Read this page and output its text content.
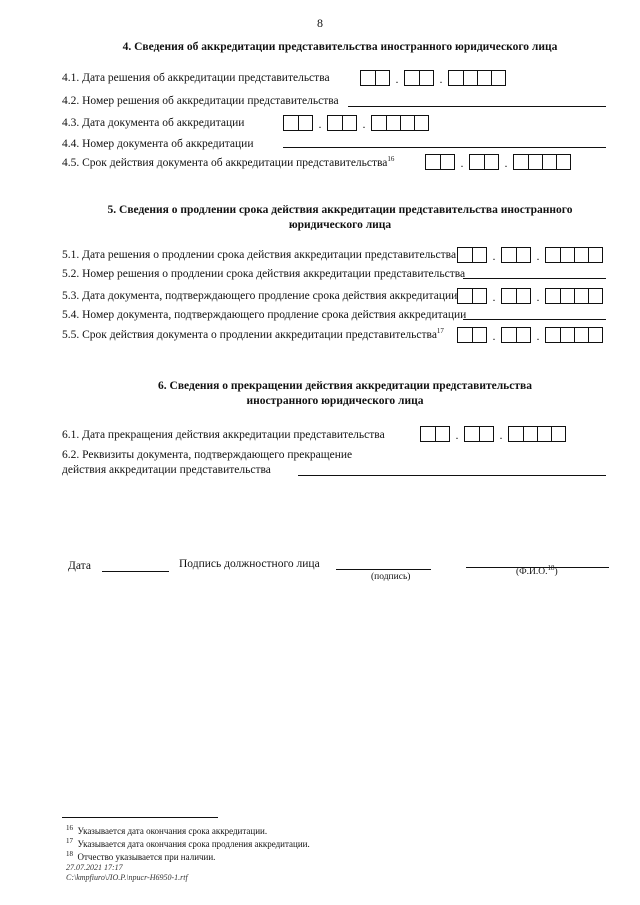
8
4. Сведения об аккредитации представительства иностранного юридического лица
4.1. Дата решения об аккредитации представительства	.	.
4.2. Номер решения об аккредитации представительства
4.3. Дата документа об аккредитации	.	.
4.4. Номер документа об аккредитации
4.5. Срок действия документа об аккредитации представительства$^{16}$	.	.
5. Сведения о продлении срока действия аккредитации представительства иностранного
юридического лица
5.1. Дата решения о продлении срока действия аккредитации представительства	.	.
5.2. Номер решения о продлении срока действия аккредитации представительства
5.3. Дата документа, подтверждающего продление срока действия аккредитации	.	.
5.4. Номер документа, подтверждающего продление срока действия аккредитации
5.5. Срок действия документа о продлении аккредитации представительства$^{17}$	.	.
6. Сведения о прекращении действия аккредитации представительства
иностранного юридического лица
6.1. Дата прекращения действия аккредитации представительства	.	.
6.2. Реквизиты документа, подтверждающего прекращение
действия аккредитации представительства
Дата	Подпись должностного лица
(подпись)	(Ф.И.О.$^{18}$)
$^{16}$ Указывается дата окончания срока аккредитации.
$^{17}$ Указывается дата окончания срока продления аккредитации.
$^{18}$ Отчество указывается при наличии.
27.07.2021 17:17
C:\kmpfiuro\ЛО.Р.\npucr-H6950-1.rtf
